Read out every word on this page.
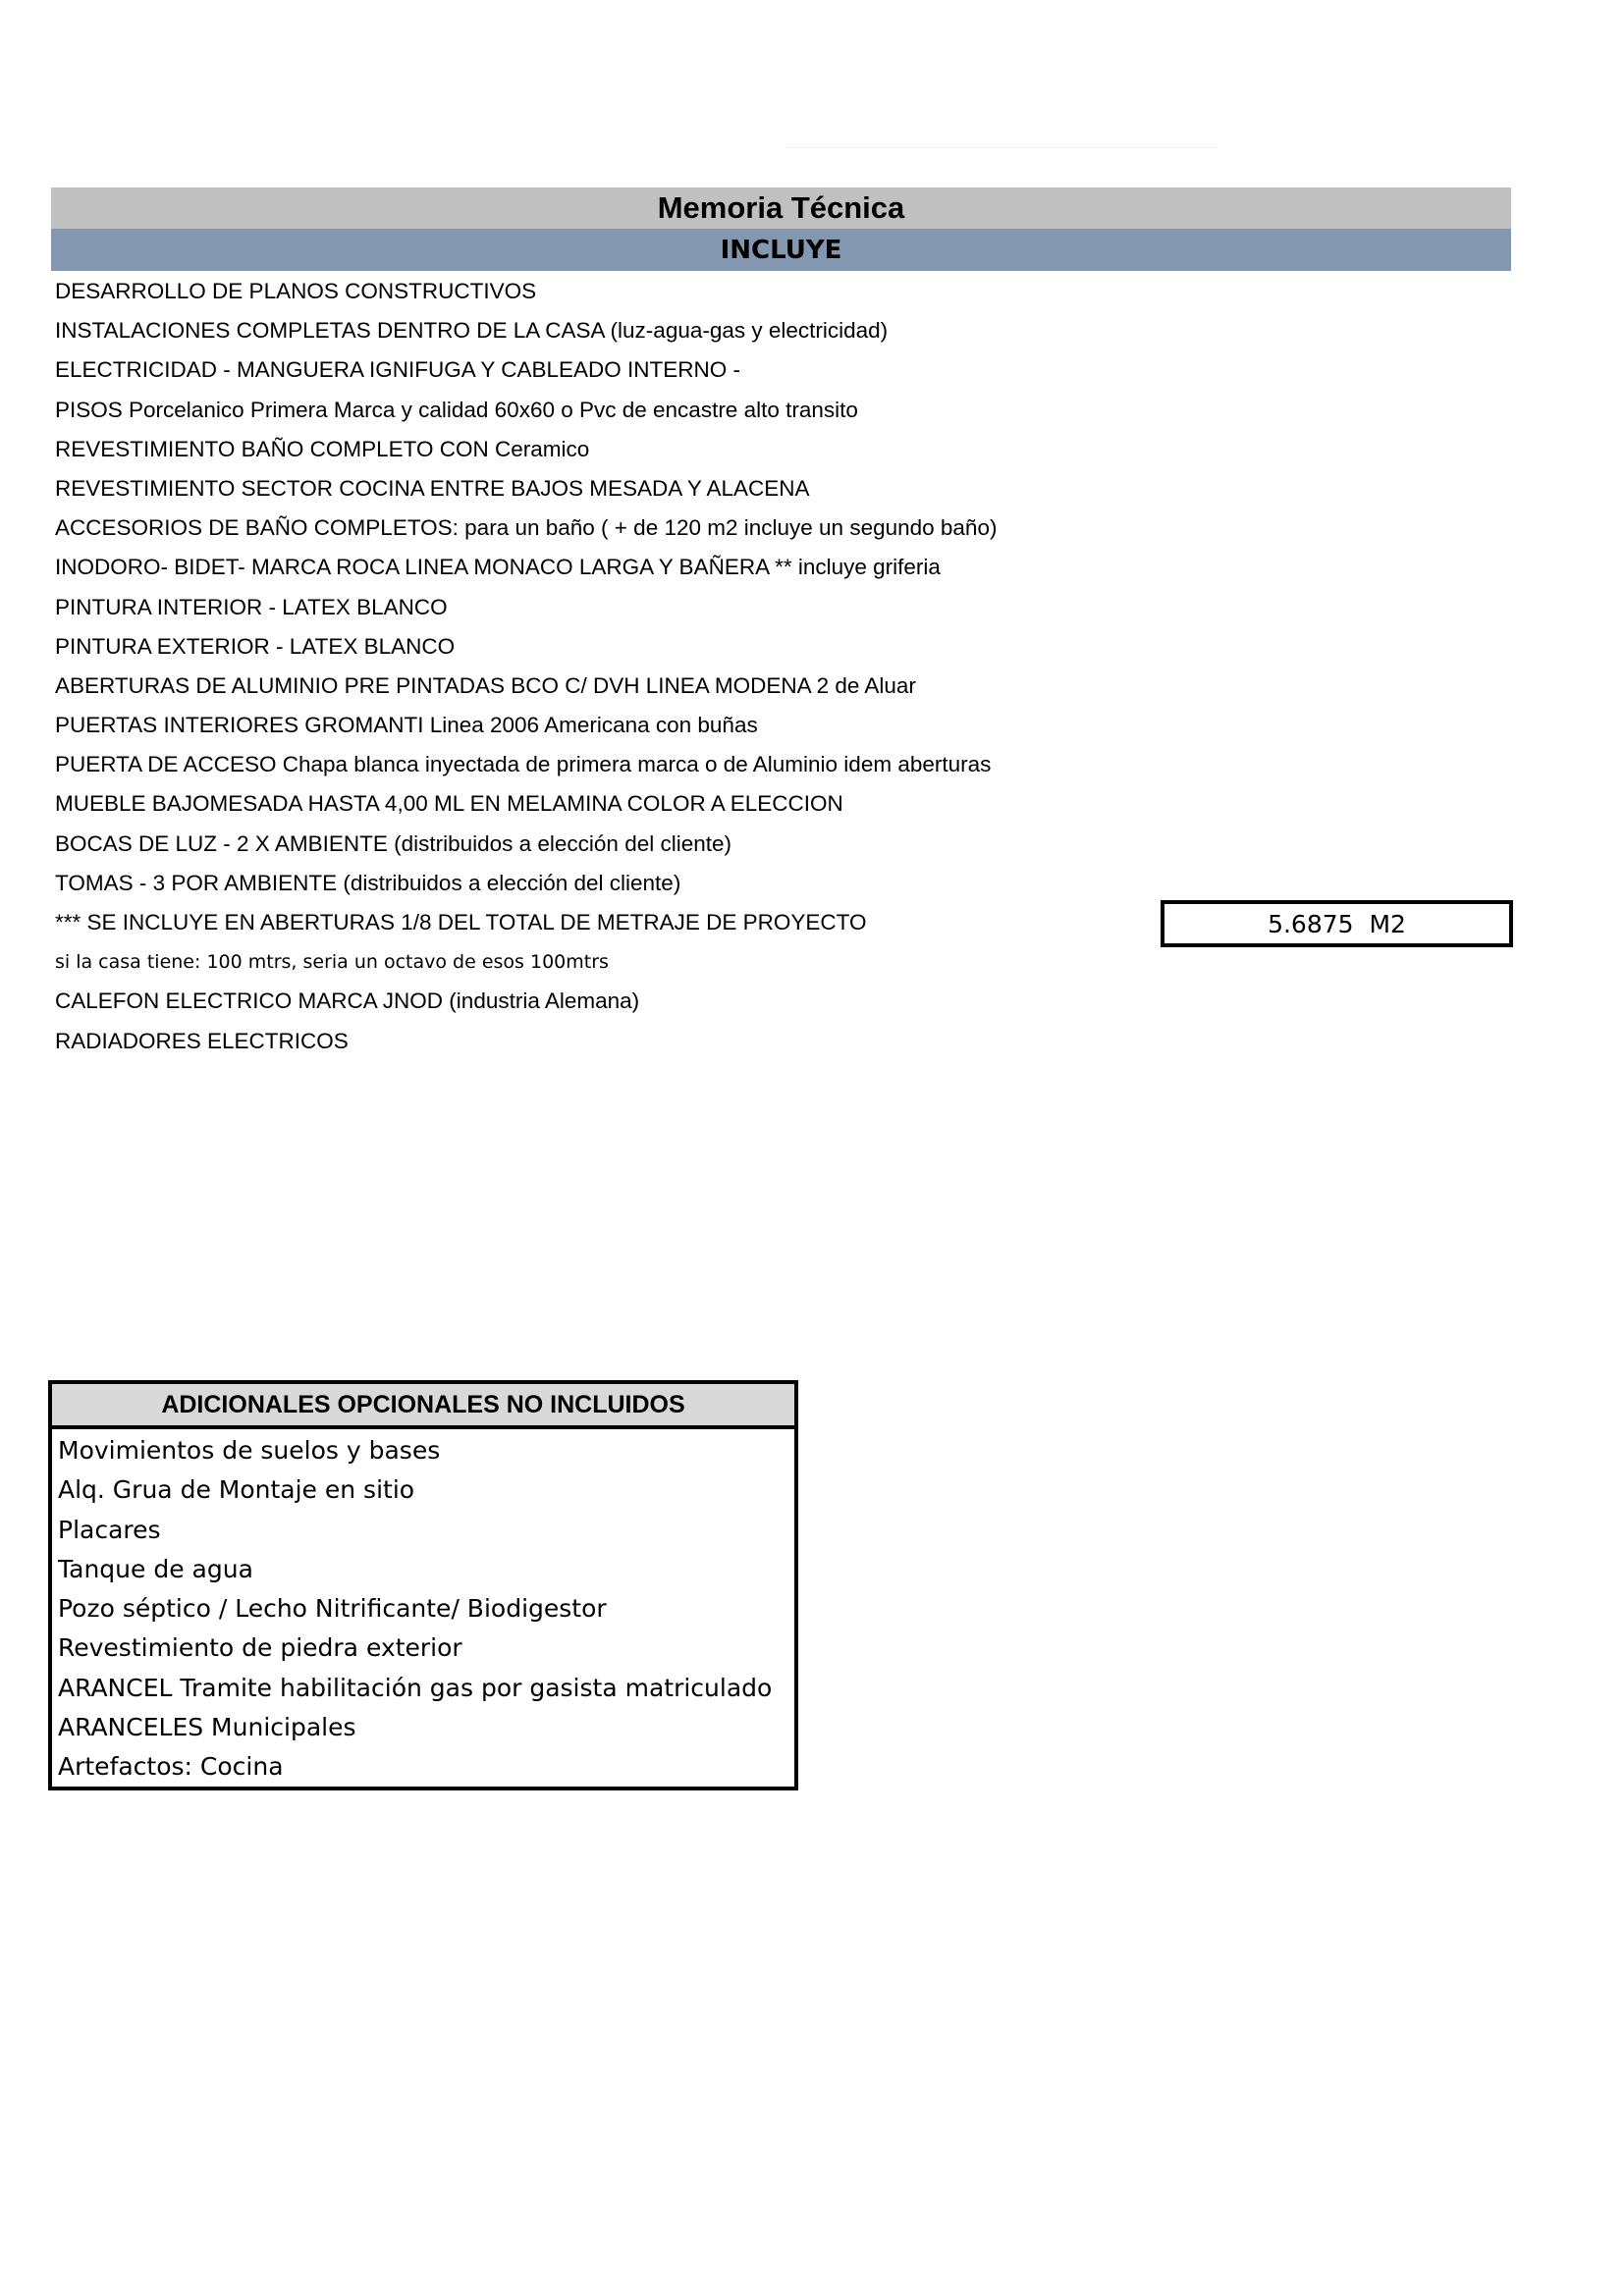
Memoria Técnica
INCLUYE
DESARROLLO DE PLANOS CONSTRUCTIVOS
INSTALACIONES COMPLETAS DENTRO DE LA CASA (luz-agua-gas y electricidad)
ELECTRICIDAD - MANGUERA IGNIFUGA Y CABLEADO INTERNO -
PISOS Porcelanico Primera Marca y calidad 60x60 o Pvc de encastre alto transito
REVESTIMIENTO BAÑO COMPLETO CON Ceramico
REVESTIMIENTO SECTOR COCINA ENTRE BAJOS MESADA Y ALACENA
ACCESORIOS DE BAÑO COMPLETOS: para un baño ( + de 120 m2 incluye un segundo baño)
INODORO- BIDET- MARCA ROCA LINEA MONACO LARGA Y BAÑERA ** incluye griferia
PINTURA INTERIOR - LATEX BLANCO
PINTURA EXTERIOR - LATEX BLANCO
ABERTURAS DE ALUMINIO PRE PINTADAS BCO C/ DVH LINEA MODENA 2 de Aluar
PUERTAS INTERIORES GROMANTI Linea 2006 Americana con buñas
PUERTA DE ACCESO Chapa blanca inyectada de primera marca o de Aluminio idem aberturas
MUEBLE BAJOMESADA HASTA 4,00 ML EN MELAMINA COLOR A ELECCION
BOCAS DE LUZ - 2 X AMBIENTE (distribuidos a elección del cliente)
TOMAS - 3 POR AMBIENTE (distribuidos a elección del cliente)
*** SE INCLUYE EN ABERTURAS 1/8 DEL TOTAL DE METRAJE DE PROYECTO
si la casa tiene: 100 mtrs, seria un octavo de esos 100mtrs
CALEFON ELECTRICO MARCA JNOD (industria Alemana)
RADIADORES ELECTRICOS
5.6875
M2
ADICIONALES OPCIONALES NO INCLUIDOS
Movimientos de suelos y bases
Alq. Grua de Montaje en sitio
Placares
Tanque de agua
Pozo séptico / Lecho Nitrificante/ Biodigestor
Revestimiento de piedra exterior
ARANCEL Tramite habilitación gas por gasista matriculado
ARANCELES Municipales
Artefactos: Cocina
